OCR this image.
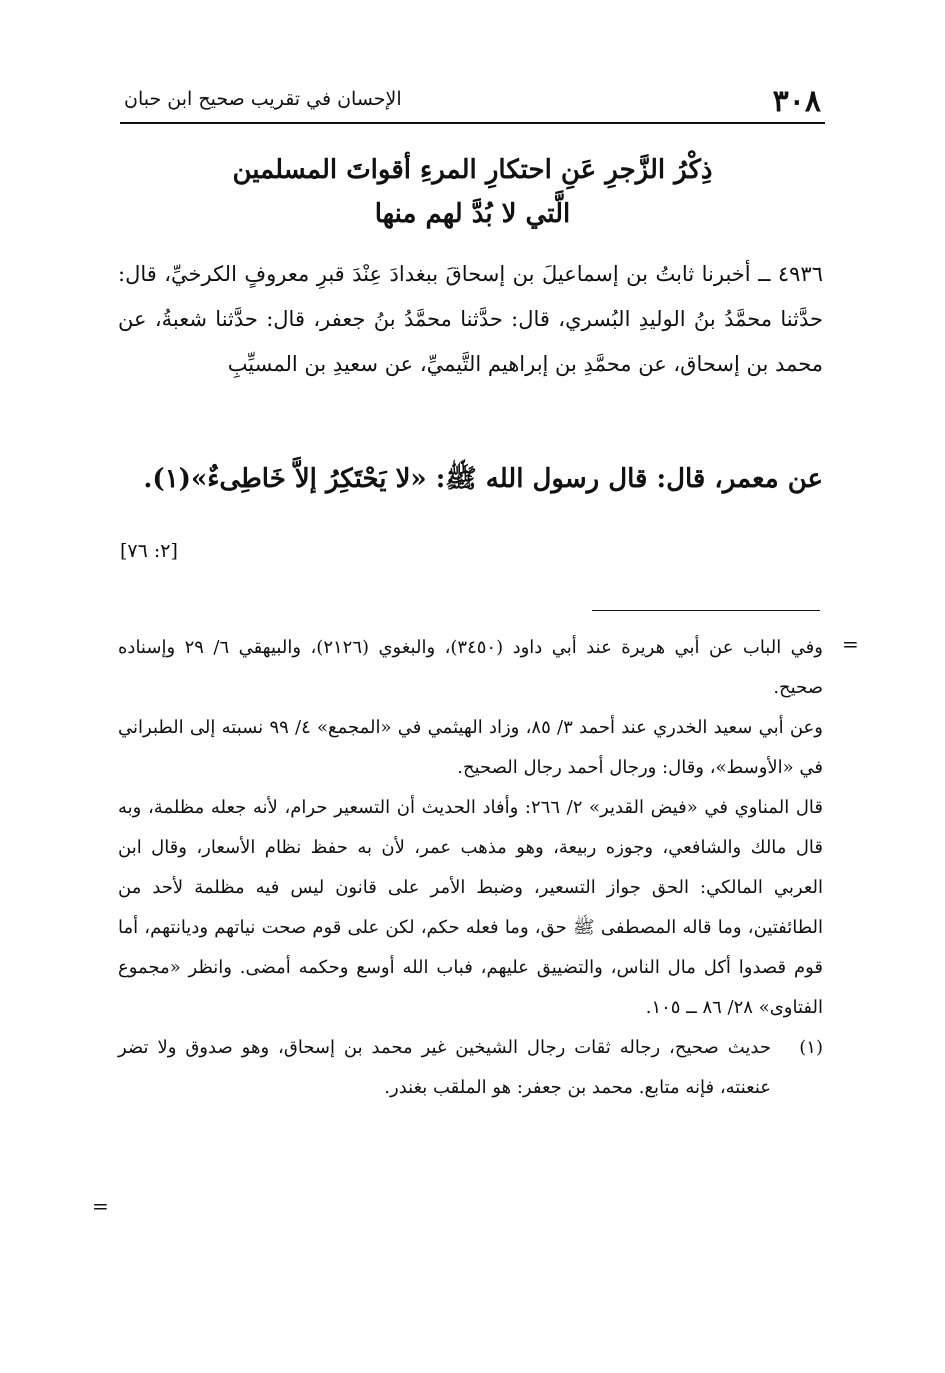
٣٠٨
الإحسان في تقريب صحيح ابن حبان
ذِكْرُ الزَّجرِ عَنِ احتكارِ المرءِ أقواتَ المسلمين
الَّتي لا بُدَّ لهم منها

٤٩٣٦ ــ أخبرنا ثابتُ بن إسماعيلَ بن إسحاقَ ببغدادَ عِنْدَ قبرِ معروفٍ الكرخيِّ، قال: حدَّثنا محمَّدُ بنُ الوليدِ البُسري، قال: حدَّثنا محمَّدُ بنُ جعفر، قال: حدَّثنا شعبةُ، عن محمد بن إسحاق، عن محمَّدِ بن إبراهيم التَّيميِّ، عن سعيدِ بن المسيِّبِ

عن معمر، قال: قال رسول الله ﷺ: «لا يَحْتَكِرُ إلاَّ خَاطِىءٌ»(١).

[٢: ٧٦]
=

وفي الباب عن أبي هريرة عند أبي داود (٣٤٥٠)، والبغوي (٢١٢٦)، والبيهقي ٦/ ٢٩ وإسناده صحيح.

وعن أبي سعيد الخدري عند أحمد ٣/ ٨٥، وزاد الهيثمي في «المجمع» ٤/ ٩٩ نسبته إلى الطبراني في «الأوسط»، وقال: ورجال أحمد رجال الصحيح.

قال المناوي في «فيض القدير» ٢/ ٢٦٦: وأفاد الحديث أن التسعير حرام، لأنه جعله مظلمة، وبه قال مالك والشافعي، وجوزه ربيعة، وهو مذهب عمر، لأن به حفظ نظام الأسعار، وقال ابن العربي المالكي: الحق جواز التسعير، وضبط الأمر على قانون ليس فيه مظلمة لأحد من الطائفتين، وما قاله المصطفى ﷺ حق، وما فعله حكم، لكن على قوم صحت نياتهم وديانتهم، أما قوم قصدوا أكل مال الناس، والتضييق عليهم، فباب الله أوسع وحكمه أمضى. وانظر «مجموع الفتاوى» ٢٨/ ٨٦ ــ ١٠٥.

(١)
حديث صحيح، رجاله ثقات رجال الشيخين غير محمد بن إسحاق، وهو صدوق ولا تضر عنعنته، فإنه متابع. محمد بن جعفر: هو الملقب بغندر.
=
